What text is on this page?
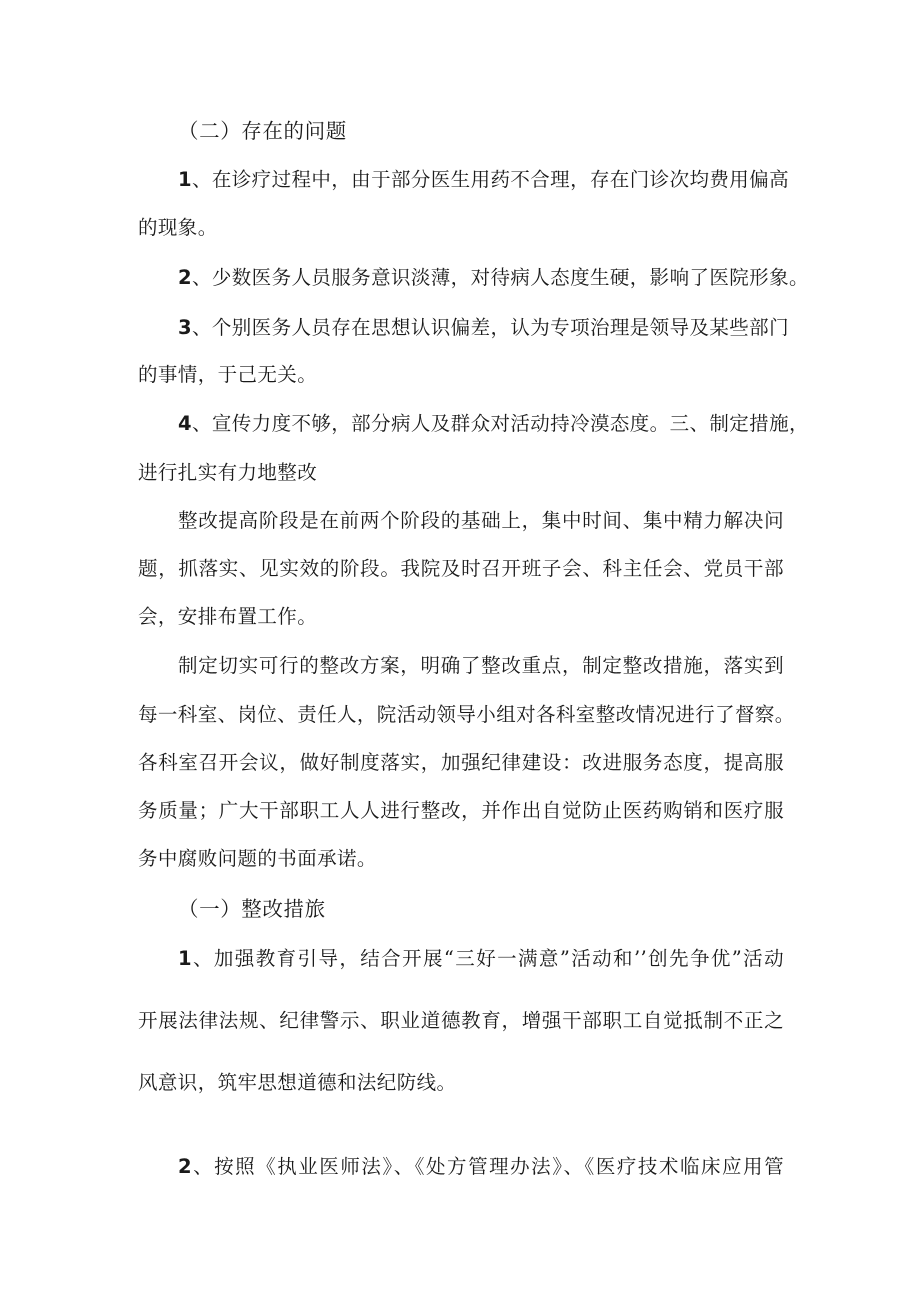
（二）存在的问题
1、在诊疗过程中，由于部分医生用药不合理，存在门诊次均费用偏高
的现象。
2、少数医务人员服务意识淡薄，对待病人态度生硬，影响了医院形象。
3、个别医务人员存在思想认识偏差，认为专项治理是领导及某些部门
的事情，于己无关。
4、宣传力度不够，部分病人及群众对活动持冷漠态度。三、制定措施，
进行扎实有力地整改
整改提高阶段是在前两个阶段的基础上，集中时间、集中精力解决问
题，抓落实、见实效的阶段。我院及时召开班子会、科主任会、党员干部
会，安排布置工作。
制定切实可行的整改方案，明确了整改重点，制定整改措施，落实到
每一科室、岗位、责任人，院活动领导小组对各科室整改情况进行了督察。
各科室召开会议，做好制度落实，加强纪律建设：改进服务态度，提高服
务质量；广大干部职工人人进行整改，并作出自觉防止医药购销和医疗服
务中腐败问题的书面承诺。
（一）整改措旅
1、加强教育引导，结合开展“三好一满意”活动和’’创先争优”活动
开展法律法规、纪律警示、职业道德教育，增强干部职工自觉抵制不正之
风意识，筑牢思想道德和法纪防线。
2、按照《执业医师法》、《处方管理办法》、《医疗技术临床应用管
